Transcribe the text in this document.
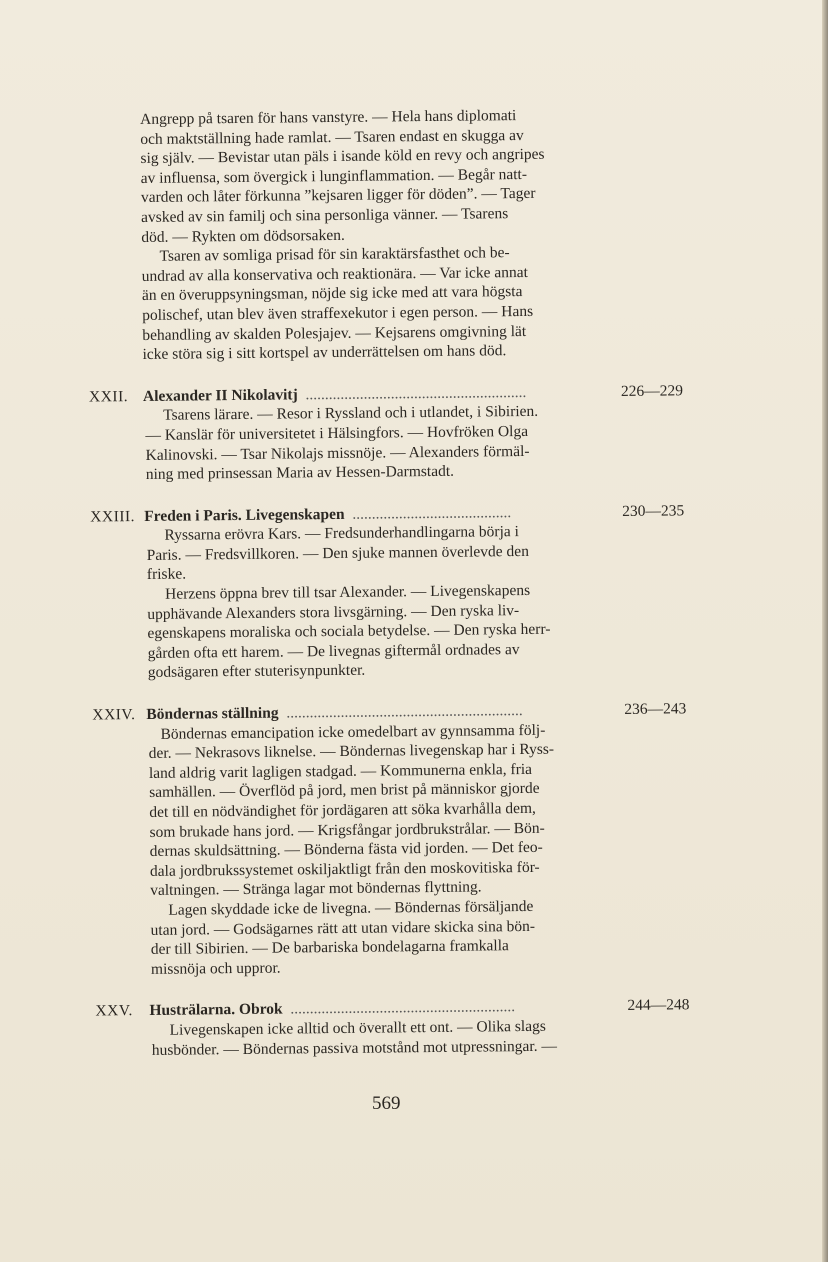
Angrepp på tsaren för hans vanstyre. — Hela hans diplomati
och maktställning hade ramlat. — Tsaren endast en skugga av
sig själv. — Bevistar utan päls i isande köld en revy och angripes
av influensa, som övergick i lunginflammation. — Begår natt-
varden och låter förkunna ”kejsaren ligger för döden”. — Tager
avsked av sin familj och sina personliga vänner. — Tsarens
död. — Rykten om dödsorsaken.
Tsaren av somliga prisad för sin karaktärsfasthet och be-
undrad av alla konservativa och reaktionära. — Var icke annat
än en överuppsyningsman, nöjde sig icke med att vara högsta
polischef, utan blev även straffexekutor i egen person. — Hans
behandling av skalden Polesjajev. — Kejsarens omgivning lät
icke störa sig i sitt kortspel av underrättelsen om hans död.
XXII. Alexander II Nikolavitj  .........................................................	226—229
Tsarens lärare. — Resor i Ryssland och i utlandet, i Sibirien.
— Kanslär för universitetet i Hälsingfors. — Hovfröken Olga
Kalinovski. — Tsar Nikolajs missnöje. — Alexanders förmäl-
ning med prinsessan Maria av Hessen-Darmstadt.
XXIII. Freden i Paris. Livegenskapen  .........................................	230—235
Ryssarna erövra Kars. — Fredsunderhandlingarna börja i
Paris. — Fredsvillkoren. — Den sjuke mannen överlevde den
friske.
Herzens öppna brev till tsar Alexander. — Livegenskapens
upphävande Alexanders stora livsgärning. — Den ryska liv-
egenskapens moraliska och sociala betydelse. — Den ryska herr-
gården ofta ett harem. — De livegnas giftermål ordnades av
godsägaren efter stuterisynpunkter.
XXIV. Böndernas ställning  .............................................................	236—243
Böndernas emancipation icke omedelbart av gynnsamma följ-
der. — Nekrasovs liknelse. — Böndernas livegenskap har i Ryss-
land aldrig varit lagligen stadgad. — Kommunerna enkla, fria
samhällen. — Överflöd på jord, men brist på människor gjorde
det till en nödvändighet för jordägaren att söka kvarhålla dem,
som brukade hans jord. — Krigsfångar jordbrukstrålar. — Bön-
dernas skuldsättning. — Bönderna fästa vid jorden. — Det feo-
dala jordbrukssystemet oskiljaktligt från den moskovitiska för-
valtningen. — Stränga lagar mot böndernas flyttning.
Lagen skyddade icke de livegna. — Böndernas försäljande
utan jord. — Godsägarnes rätt att utan vidare skicka sina bön-
der till Sibirien. — De barbariska bondelagarna framkalla
missnöja och uppror.
XXV.	Husträlarna. Obrok  ..........................................................	244—248
Livegenskapen icke alltid och överallt ett ont. — Olika slags
husbönder. — Böndernas passiva motstånd mot utpressningar. —
569
